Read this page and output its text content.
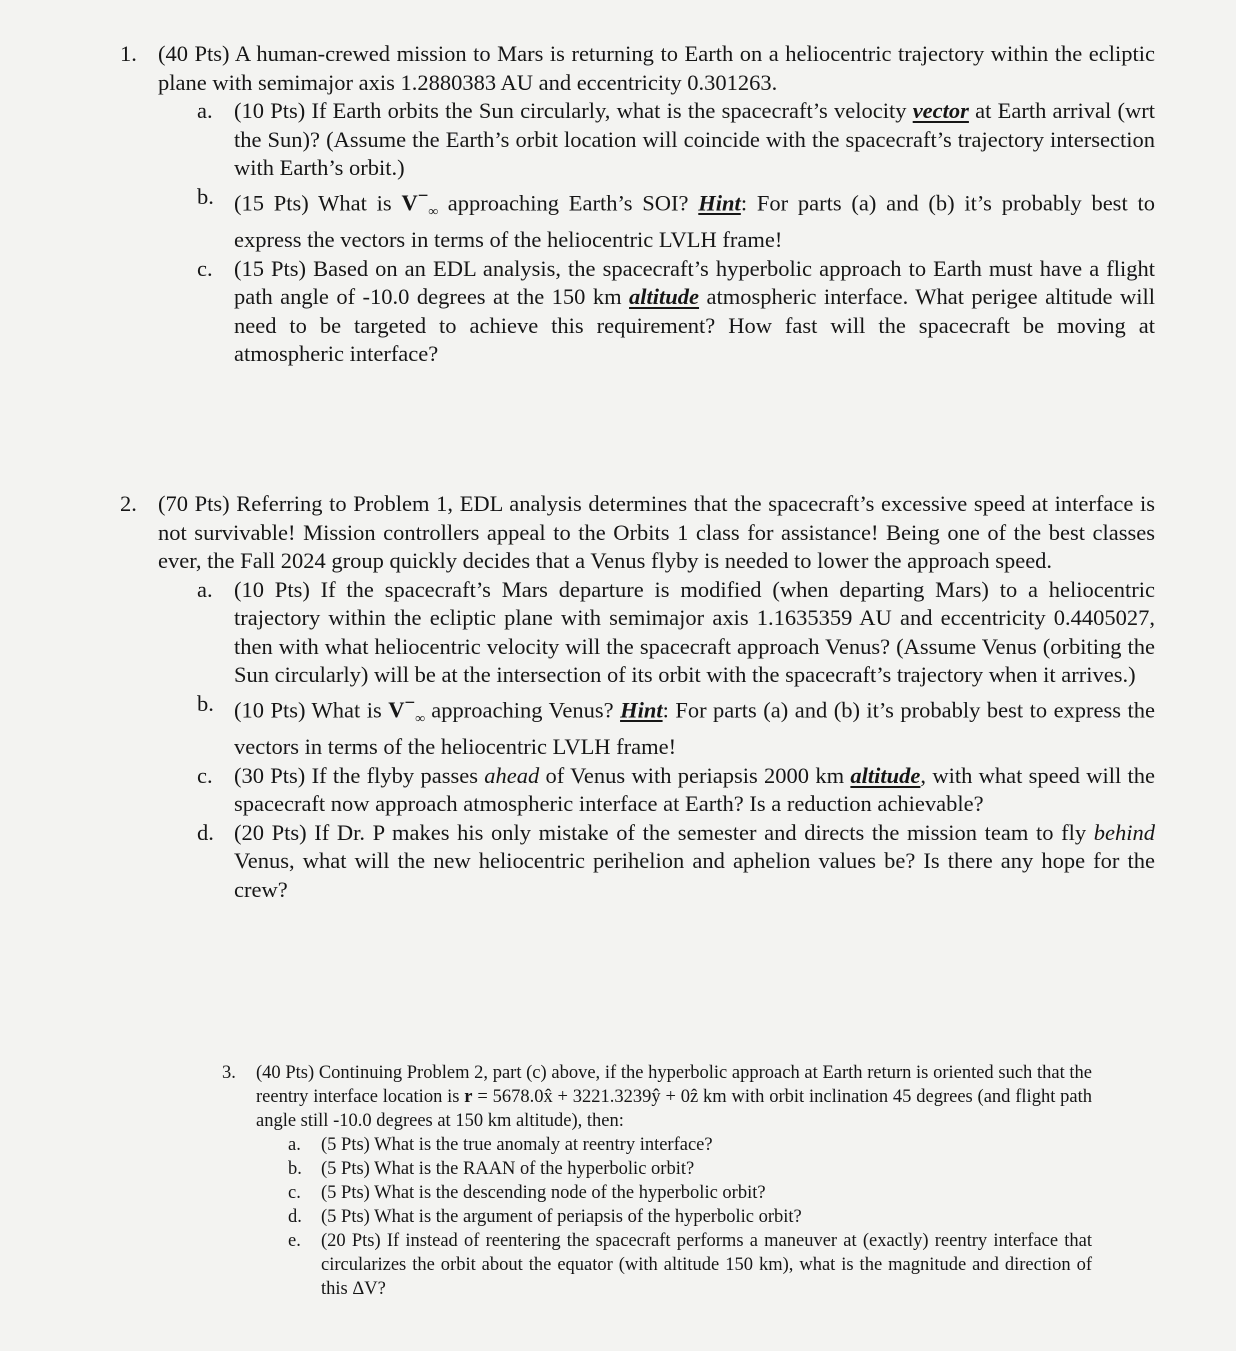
1. (40 Pts) A human-crewed mission to Mars is returning to Earth on a heliocentric trajectory within the ecliptic plane with semimajor axis 1.2880383 AU and eccentricity 0.301263.
a. (10 Pts) If Earth orbits the Sun circularly, what is the spacecraft’s velocity vector at Earth arrival (wrt the Sun)? (Assume the Earth’s orbit location will coincide with the spacecraft’s trajectory intersection with Earth’s orbit.)
b. (15 Pts) What is $V^-_\infty$ approaching Earth’s SOI? Hint: For parts (a) and (b) it’s probably best to express the vectors in terms of the heliocentric LVLH frame!
c. (15 Pts) Based on an EDL analysis, the spacecraft’s hyperbolic approach to Earth must have a flight path angle of -10.0 degrees at the 150 km altitude atmospheric interface. What perigee altitude will need to be targeted to achieve this requirement? How fast will the spacecraft be moving at atmospheric interface?
2. (70 Pts) Referring to Problem 1, EDL analysis determines that the spacecraft’s excessive speed at interface is not survivable! Mission controllers appeal to the Orbits 1 class for assistance! Being one of the best classes ever, the Fall 2024 group quickly decides that a Venus flyby is needed to lower the approach speed.
a. (10 Pts) If the spacecraft’s Mars departure is modified (when departing Mars) to a heliocentric trajectory within the ecliptic plane with semimajor axis 1.1635359 AU and eccentricity 0.4405027, then with what heliocentric velocity will the spacecraft approach Venus? (Assume Venus (orbiting the Sun circularly) will be at the intersection of its orbit with the spacecraft’s trajectory when it arrives.)
b. (10 Pts) What is $V^-_\infty$ approaching Venus? Hint: For parts (a) and (b) it’s probably best to express the vectors in terms of the heliocentric LVLH frame!
c. (30 Pts) If the flyby passes ahead of Venus with periapsis 2000 km altitude, with what speed will the spacecraft now approach atmospheric interface at Earth? Is a reduction achievable?
d. (20 Pts) If Dr. P makes his only mistake of the semester and directs the mission team to fly behind Venus, what will the new heliocentric perihelion and aphelion values be? Is there any hope for the crew?
3.	(40 Pts) Continuing Problem 2, part (c) above, if the hyperbolic approach at Earth return is oriented such that the reentry interface location is r = 5678.0x̂ + 3221.3239ŷ + 0ẑ km with orbit inclination 45 degrees (and flight path angle still -10.0 degrees at 150 km altitude), then:
a.	(5 Pts) What is the true anomaly at reentry interface?
b.	(5 Pts) What is the RAAN of the hyperbolic orbit?
c.	(5 Pts) What is the descending node of the hyperbolic orbit?
d.	(5 Pts) What is the argument of periapsis of the hyperbolic orbit?
e.	(20 Pts) If instead of reentering the spacecraft performs a maneuver at (exactly) reentry interface that circularizes the orbit about the equator (with altitude 150 km), what is the magnitude and direction of this ΔV?
